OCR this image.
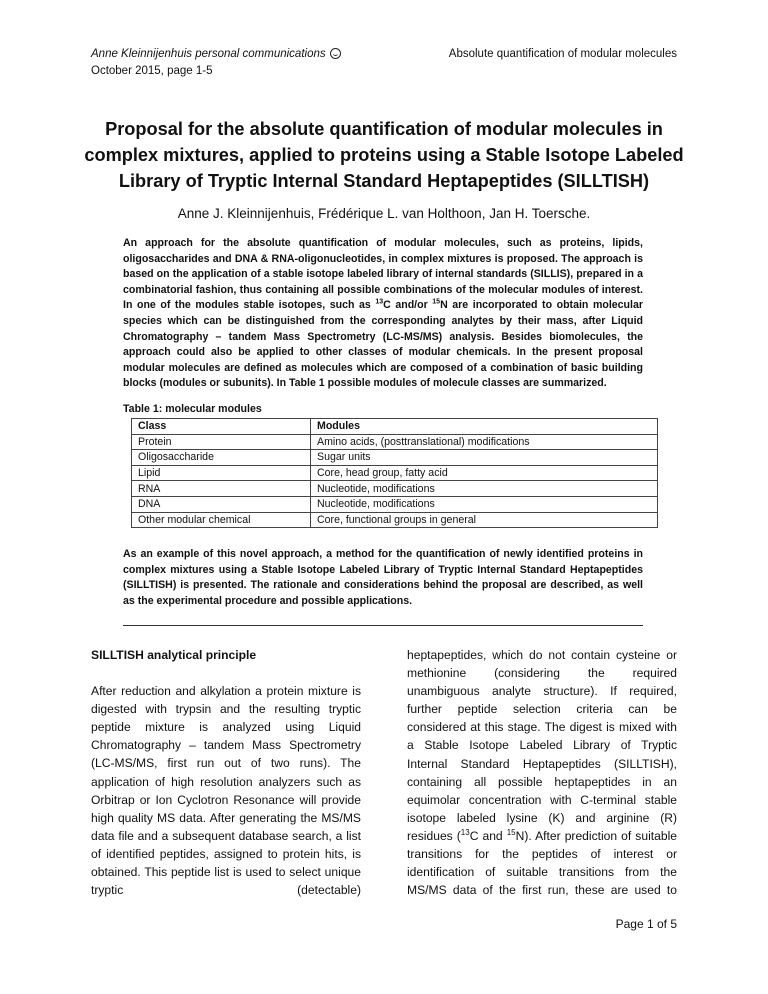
Anne Kleinnijenhuis personal communications
October 2015, page 1-5
Absolute quantification of modular molecules
Proposal for the absolute quantification of modular molecules in complex mixtures, applied to proteins using a Stable Isotope Labeled Library of Tryptic Internal Standard Heptapeptides (SILLTISH)
Anne J. Kleinnijenhuis, Frédérique L. van Holthoon, Jan H. Toersche.
An approach for the absolute quantification of modular molecules, such as proteins, lipids, oligosaccharides and DNA & RNA-oligonucleotides, in complex mixtures is proposed. The approach is based on the application of a stable isotope labeled library of internal standards (SILLIS), prepared in a combinatorial fashion, thus containing all possible combinations of the molecular modules of interest. In one of the modules stable isotopes, such as $^{13}$C and/or $^{15}$N are incorporated to obtain molecular species which can be distinguished from the corresponding analytes by their mass, after Liquid Chromatography – tandem Mass Spectrometry (LC-MS/MS) analysis. Besides biomolecules, the approach could also be applied to other classes of modular chemicals. In the present proposal modular molecules are defined as molecules which are composed of a combination of basic building blocks (modules or subunits). In Table 1 possible modules of molecule classes are summarized.
Table 1: molecular modules
Class	Modules
Protein	Amino acids, (posttranslational) modifications
Oligosaccharide	Sugar units
Lipid	Core, head group, fatty acid
RNA	Nucleotide, modifications
DNA	Nucleotide, modifications
Other modular chemical	Core, functional groups in general
As an example of this novel approach, a method for the quantification of newly identified proteins in complex mixtures using a Stable Isotope Labeled Library of Tryptic Internal Standard Heptapeptides (SILLTISH) is presented. The rationale and considerations behind the proposal are described, as well as the experimental procedure and possible applications.

SILLTISH analytical principle

After reduction and alkylation a protein mixture is digested with trypsin and the resulting tryptic peptide mixture is analyzed using Liquid Chromatography – tandem Mass Spectrometry (LC-MS/MS, first run out of two runs). The application of high resolution analyzers such as Orbitrap or Ion Cyclotron Resonance will provide high quality MS data. After generating the MS/MS data file and a subsequent database search, a list of identified peptides, assigned to protein hits, is obtained. This peptide list is used to select unique tryptic (detectable)

heptapeptides, which do not contain cysteine or methionine (considering the required unambiguous analyte structure). If required, further peptide selection criteria can be considered at this stage. The digest is mixed with a Stable Isotope Labeled Library of Tryptic Internal Standard Heptapeptides (SILLTISH), containing all possible heptapeptides in an equimolar concentration with C-terminal stable isotope labeled lysine (K) and arginine (R) residues ($^{13}$C and $^{15}$N). After prediction of suitable transitions for the peptides of interest or identification of suitable transitions from the MS/MS data of the first run, these are used to

Page 1 of 5
